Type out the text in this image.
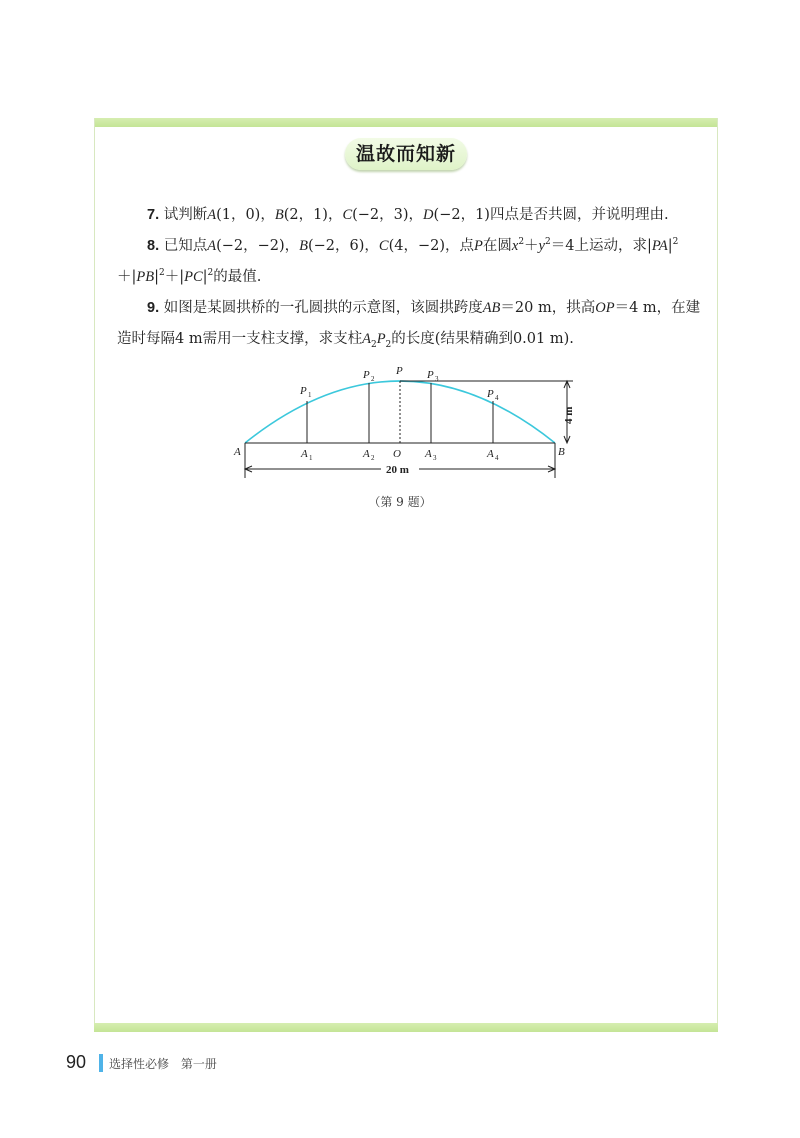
温故而知新

7. 试判断A(1，0)，B(2，1)，C(−2，3)，D(−2，1)四点是否共圆，并说明理由.

8. 已知点A(−2，−2)，B(−2，6)，C(4，−2)，点P在圆$x^2+y^2=4$上运动，求$|PA|^2+|PB|^2+|PC|^2$的最值.

9. 如图是某圆拱桥的一孔圆拱的示意图，该圆拱跨度AB＝20 m，拱高OP＝4 m，在建造时每隔4 m需用一支柱支撑，求支柱$A_2P_2$的长度(结果精确到0.01 m).

4 m
20 m
A	B
O
P
P 1
P 2	P 3
P 4
A 1	A 2	A 3	A 4
（第 9 题）
90 选择性必修 第一册
